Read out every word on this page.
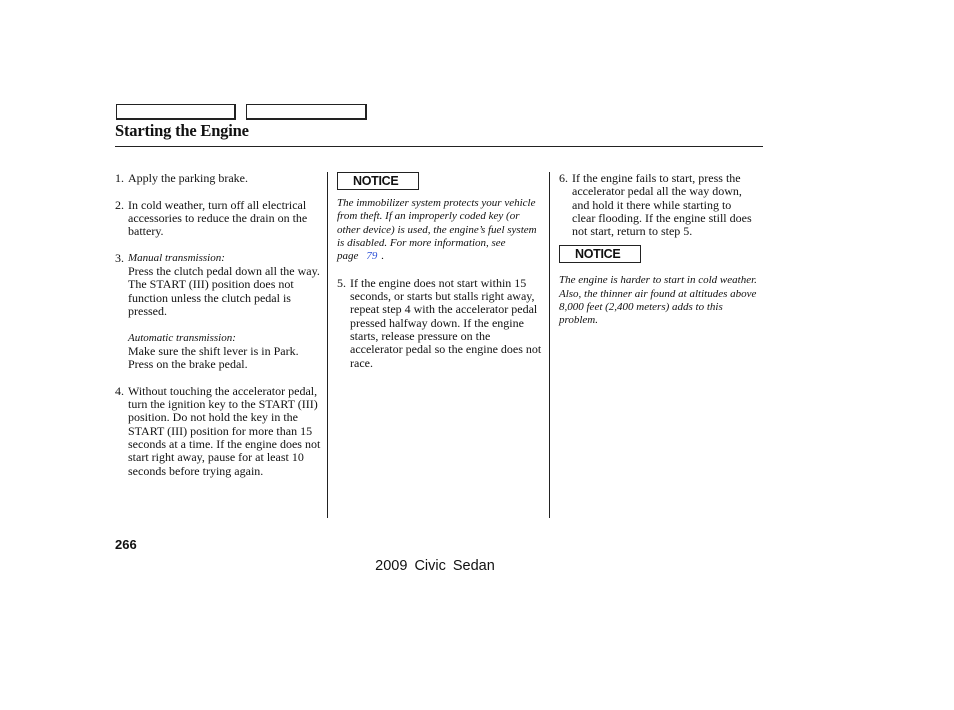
Starting the Engine
1. Apply the parking brake.
2. In cold weather, turn off all electrical accessories to reduce the drain on the battery.
3. Manual transmission:
Press the clutch pedal down all the way. The START (III) position does not function unless the clutch pedal is pressed.
Automatic transmission:
Make sure the shift lever is in Park. Press on the brake pedal.
4. Without touching the accelerator pedal, turn the ignition key to the START (III) position. Do not hold the key in the START (III) position for more than 15 seconds at a time. If the engine does not start right away, pause for at least 10 seconds before trying again.
NOTICE
The immobilizer system protects your vehicle from theft. If an improperly coded key (or other device) is used, the engine’s fuel system is disabled. For more information, see page 79 .
5. If the engine does not start within 15 seconds, or starts but stalls right away, repeat step 4 with the accelerator pedal pressed halfway down. If the engine starts, release pressure on the accelerator pedal so the engine does not race.
6. If the engine fails to start, press the accelerator pedal all the way down, and hold it there while starting to clear flooding. If the engine still does not start, return to step 5.
NOTICE
The engine is harder to start in cold weather. Also, the thinner air found at altitudes above 8,000 feet (2,400 meters) adds to this problem.
266
2009 Civic Sedan
